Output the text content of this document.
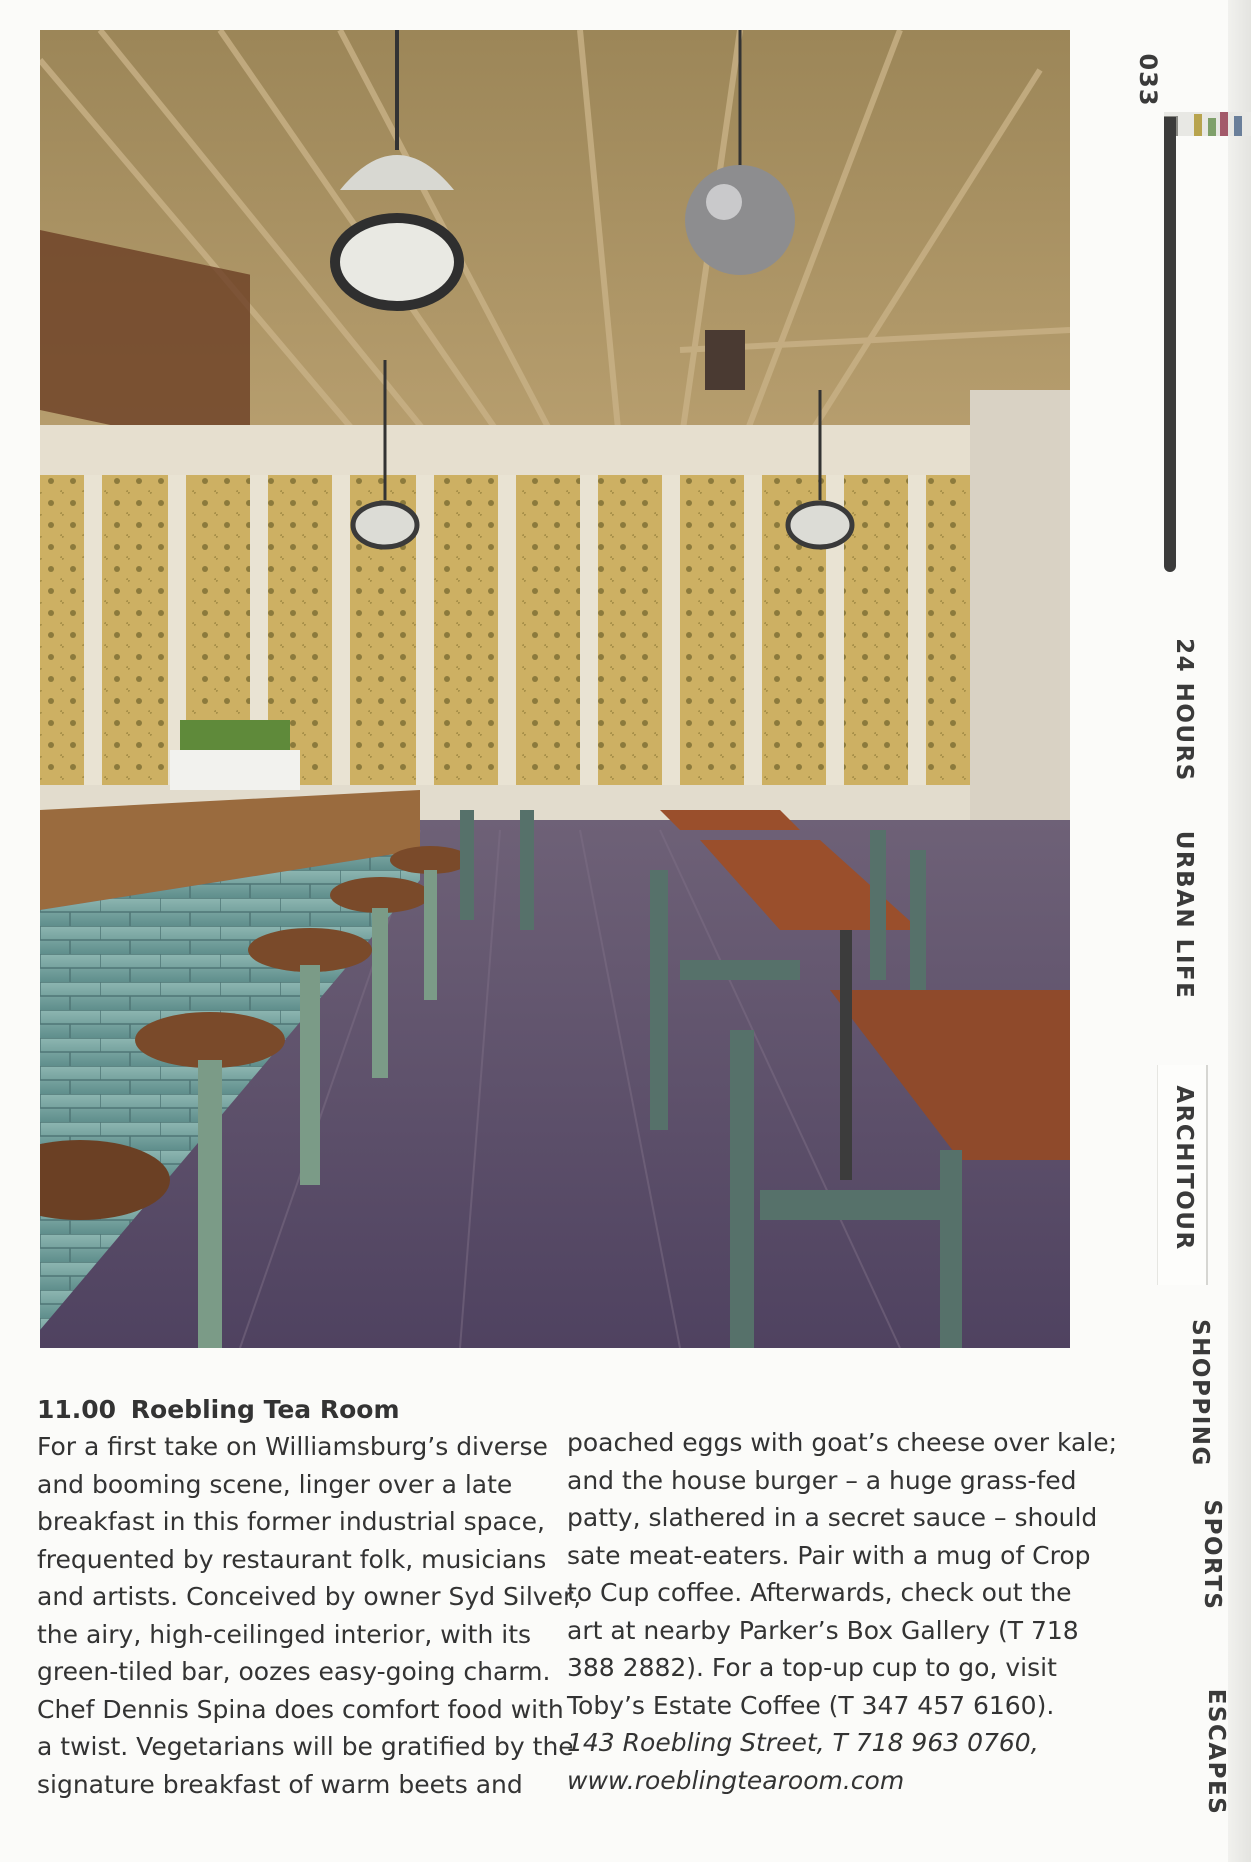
11.00 Roebling Tea Room
For a first take on Williamsburg’s diverse
and booming scene, linger over a late
breakfast in this former industrial space,
frequented by restaurant folk, musicians
and artists. Conceived by owner Syd Silver,
the airy, high-ceilinged interior, with its
green-tiled bar, oozes easy-going charm.
Chef Dennis Spina does comfort food with
a twist. Vegetarians will be gratified by the
signature breakfast of warm beets and
poached eggs with goat’s cheese over kale;
and the house burger – a huge grass-fed
patty, slathered in a secret sauce – should
sate meat-eaters. Pair with a mug of Crop
to Cup coffee. Afterwards, check out the
art at nearby Parker’s Box Gallery (T 718
388 2882). For a top-up cup to go, visit
Toby’s Estate Coffee (T 347 457 6160).
143 Roebling Street, T 718 963 0760,
www.roeblingtearoom.com
033
24 HOURS
URBAN LIFE
ARCHITOUR
SHOPPING
SPORTS
ESCAPES
